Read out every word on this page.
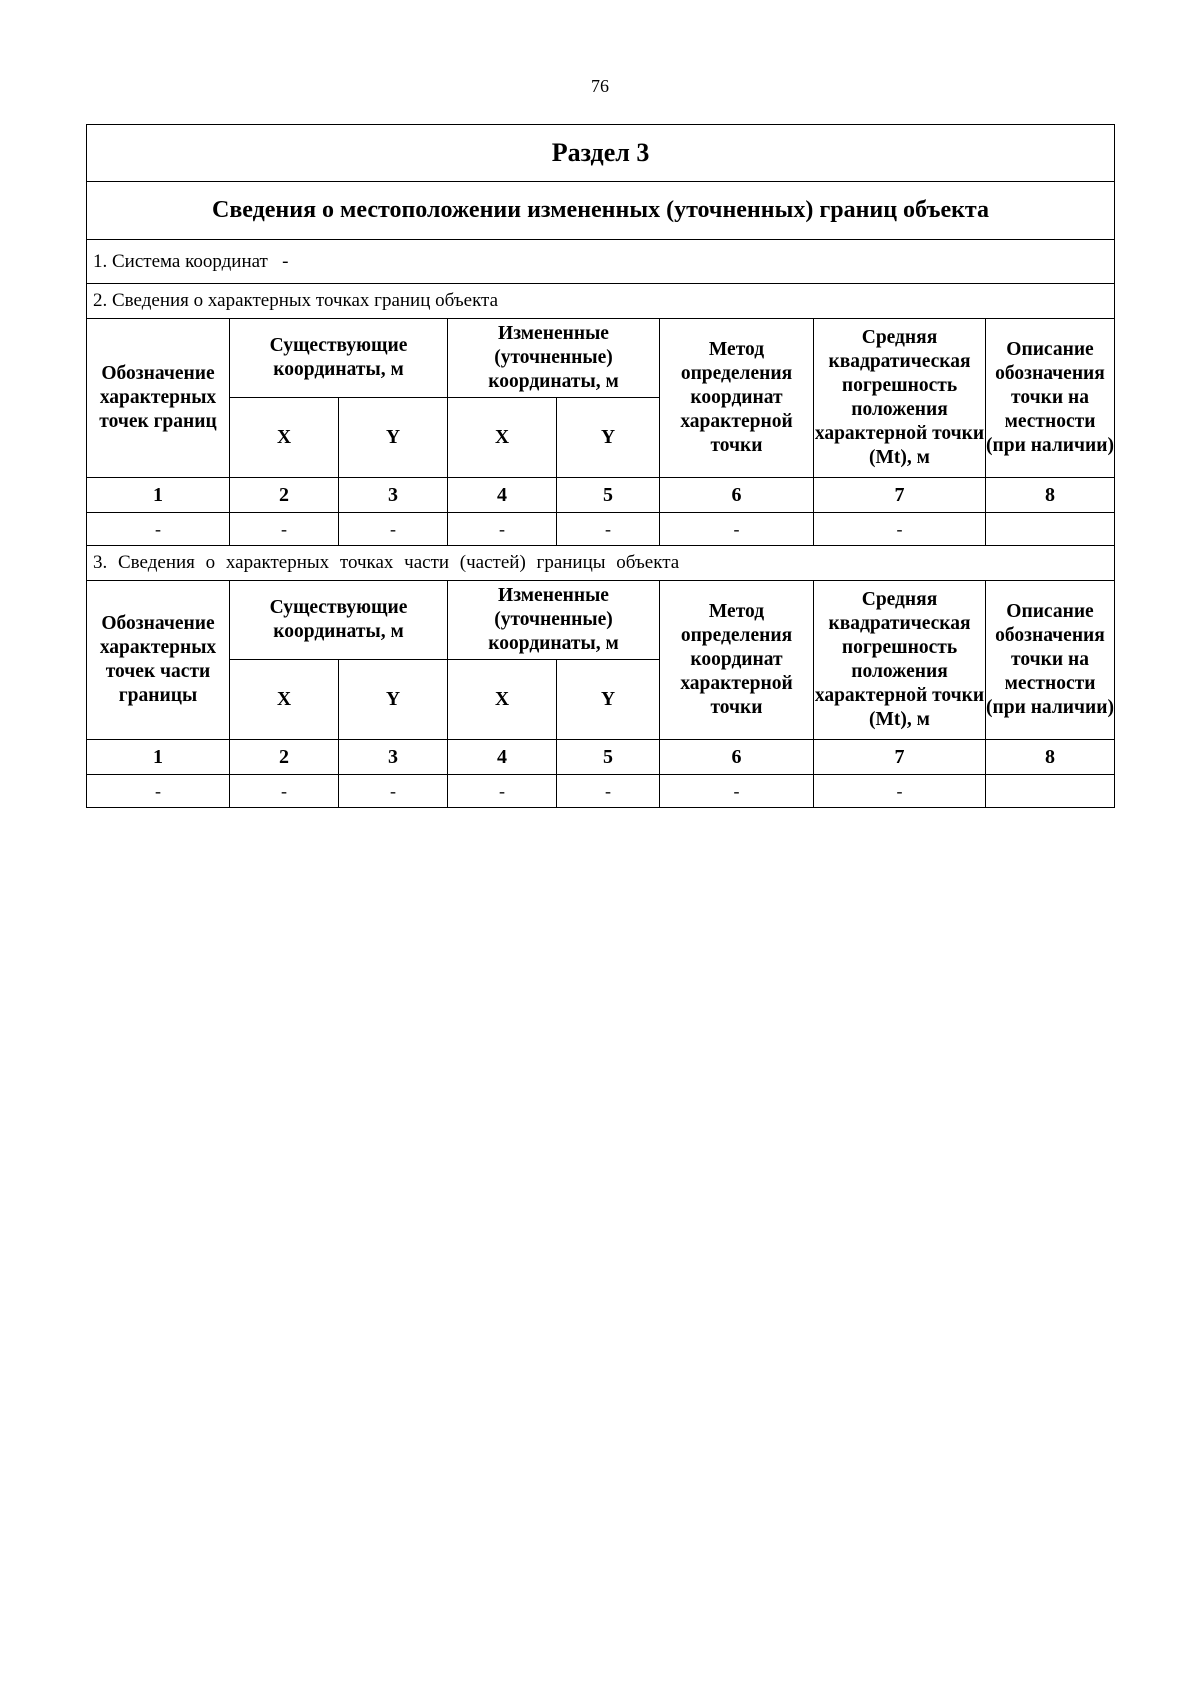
76
Раздел 3							
Сведения о местоположении измененных (уточненных) границ объекта							
1. Система координат   -							
2. Сведения о характерных точках границ объекта							
Обозначение характерных точек границ	Существующие координаты, м		Измененные (уточненные) координаты, м		Метод определения координат характерной точки	Средняя квадратическая погрешность положения характерной точки (Mt), м	Описание обозначения точки на местности (при наличии)
	X	Y	X	Y			
1	2	3	4	5	6	7	8
-	-	-	-	-	-	-	
3. Сведения о характерных точках части (частей) границы объекта							
Обозначение характерных точек части границы	Существующие координаты, м		Измененные (уточненные) координаты, м		Метод определения координат характерной точки	Средняя квадратическая погрешность положения характерной точки (Mt), м	Описание обозначения точки на местности (при наличии)
	X	Y	X	Y			
1	2	3	4	5	6	7	8
-	-	-	-	-	-	-	
